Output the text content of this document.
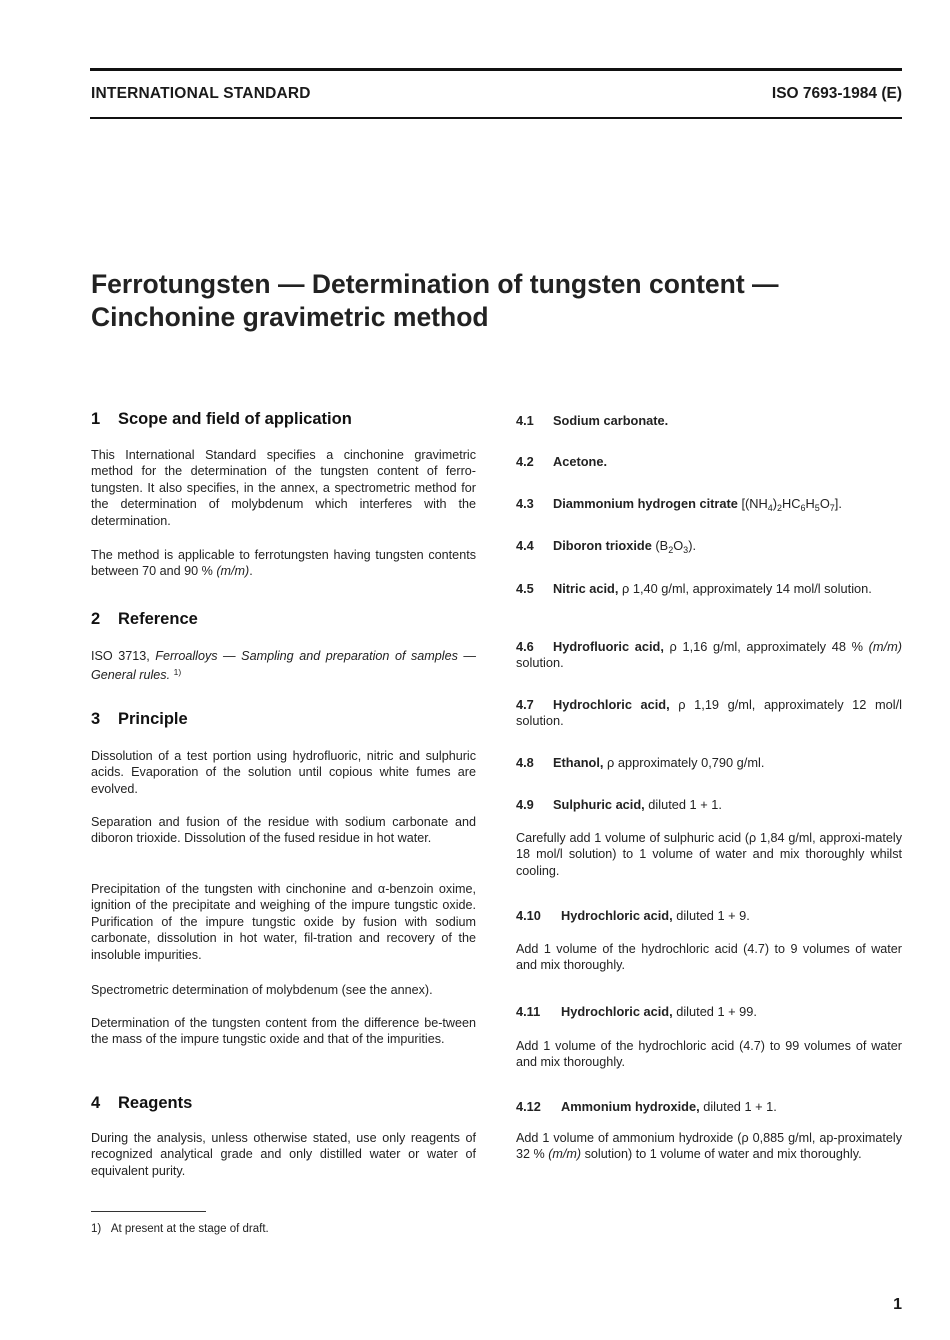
INTERNATIONAL STANDARD	ISO 7693-1984 (E)
Ferrotungsten — Determination of tungsten content —
Cinchonine gravimetric method
1 Scope and field of application

This International Standard specifies a cinchonine gravimetric method for the determination of the tungsten content of ferro-tungsten. It also specifies, in the annex, a spectrometric method for the determination of molybdenum which interferes with the determination.

The method is applicable to ferrotungsten having tungsten contents between 70 and 90 % (m/m).

2 Reference

ISO 3713, Ferroalloys — Sampling and preparation of samples — General rules. $^{1)}$

3 Principle

Dissolution of a test portion using hydrofluoric, nitric and sulphuric acids. Evaporation of the solution until copious white fumes are evolved.

Separation and fusion of the residue with sodium carbonate and diboron trioxide. Dissolution of the fused residue in hot water.

Precipitation of the tungsten with cinchonine and α-benzoin oxime, ignition of the precipitate and weighing of the impure tungstic oxide. Purification of the impure tungstic oxide by fusion with sodium carbonate, dissolution in hot water, fil-tration and recovery of the insoluble impurities.

Spectrometric determination of molybdenum (see the annex).

Determination of the tungsten content from the difference be-tween the mass of the impure tungstic oxide and that of the impurities.

4 Reagents

During the analysis, unless otherwise stated, use only reagents of recognized analytical grade and only distilled water or water of equivalent purity.

4.1 Sodium carbonate.
4.2 Acetone.
4.3 Diammonium hydrogen citrate $[(NH_4)_2HC_6H_5O_7]$.
4.4 Diboron trioxide $(B_2O_3)$.
4.5 Nitric acid, ρ 1,40 g/ml, approximately 14 mol/l solution.
4.6 Hydrofluoric acid, ρ 1,16 g/ml, approximately 48 % (m/m) solution.
4.7 Hydrochloric acid, ρ 1,19 g/ml, approximately 12 mol/l solution.
4.8 Ethanol, ρ approximately 0,790 g/ml.
4.9 Sulphuric acid, diluted 1 + 1.

Carefully add 1 volume of sulphuric acid (ρ 1,84 g/ml, approxi-mately 18 mol/l solution) to 1 volume of water and mix thoroughly whilst cooling.

4.10 Hydrochloric acid, diluted 1 + 9.

Add 1 volume of the hydrochloric acid (4.7) to 9 volumes of water and mix thoroughly.

4.11 Hydrochloric acid, diluted 1 + 99.

Add 1 volume of the hydrochloric acid (4.7) to 99 volumes of water and mix thoroughly.

4.12 Ammonium hydroxide, diluted 1 + 1.

Add 1 volume of ammonium hydroxide (ρ 0,885 g/ml, ap-proximately 32 % (m/m) solution) to 1 volume of water and mix thoroughly.

1) At present at the stage of draft.
1
